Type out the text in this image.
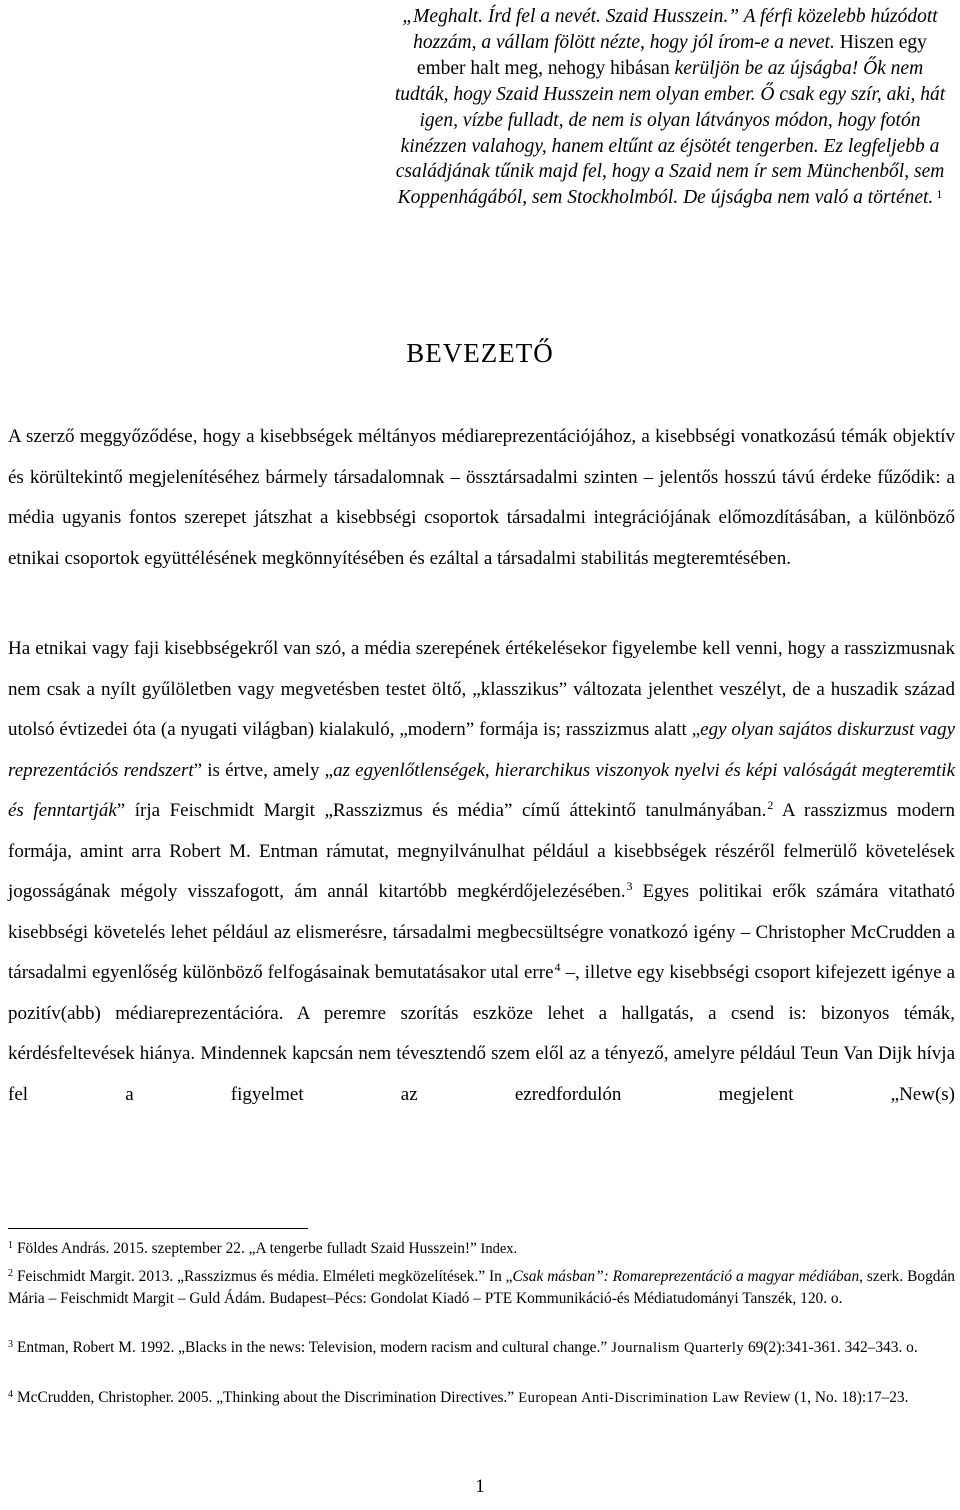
„Meghalt. Írd fel a nevét. Szaid Husszein.” A férfi közelebb húzódott hozzám, a vállam fölött nézte, hogy jól írom-e a nevet. Hiszen egy ember halt meg, nehogy hibásan kerüljön be az újságba! Ők nem tudták, hogy Szaid Husszein nem olyan ember. Ő csak egy szír, aki, hát igen, vízbe fulladt, de nem is olyan látványos módon, hogy fotón kinézzen valahogy, hanem eltűnt az éjsötét tengerben. Ez legfeljebb a családjának tűnik majd fel, hogy a Szaid nem ír sem Münchenből, sem Koppenhágából, sem Stockholmból. De újságba nem való a történet. $^1$

BEVEZETŐ

A szerző meggyőződése, hogy a kisebbségek méltányos médiareprezentációjához, a kisebbségi vonatkozású témák objektív és körültekintő megjelenítéséhez bármely társadalomnak – össztársadalmi szinten – jelentős hosszú távú érdeke fűződik: a média ugyanis fontos szerepet játszhat a kisebbségi csoportok társadalmi integrációjának előmozdításában, a különböző etnikai csoportok együttélésének megkönnyítésében és ezáltal a társadalmi stabilitás megteremtésében.

Ha etnikai vagy faji kisebbségekről van szó, a média szerepének értékelésekor figyelembe kell venni, hogy a rasszizmusnak nem csak a nyílt gyűlöletben vagy megvetésben testet öltő, „klasszikus” változata jelenthet veszélyt, de a huszadik század utolsó évtizedei óta (a nyugati világban) kialakuló, „modern” formája is; rasszizmus alatt „egy olyan sajátos diskurzust vagy reprezentációs rendszert” is értve, amely „az egyenlőtlenségek, hierarchikus viszonyok nyelvi és képi valóságát megteremtik és fenntartják” írja Feischmidt Margit „Rasszizmus és média” című áttekintő tanulmányában.$^2$ A rasszizmus modern formája, amint arra Robert M. Entman rámutat, megnyilvánulhat például a kisebbségek részéről felmerülő követelések jogosságának mégoly visszafogott, ám annál kitartóbb megkérdőjelezésében.$^3$ Egyes politikai erők számára vitatható kisebbségi követelés lehet például az elismerésre, társadalmi megbecsültségre vonatkozó igény – Christopher McCrudden a társadalmi egyenlőség különböző felfogásainak bemutatásakor utal erre$^4$ –, illetve egy kisebbségi csoport kifejezett igénye a pozitív(abb) médiareprezentációra. A peremre szorítás eszköze lehet a hallgatás, a csend is: bizonyos témák, kérdésfeltevések hiánya. Mindennek kapcsán nem tévesztendő szem elől az a tényező, amelyre például Teun Van Dijk hívja fel a figyelmet az ezredfordulón megjelent „New(s)

$^1$ Földes András. 2015. szeptember 22. „A tengerbe fulladt Szaid Husszein!” Index.

$^2$ Feischmidt Margit. 2013. „Rasszizmus és média. Elméleti megközelítések.” In „Csak másban”: Romareprezentáció a magyar médiában, szerk. Bogdán Mária – Feischmidt Margit – Guld Ádám. Budapest–Pécs: Gondolat Kiadó – PTE Kommunikáció-és Médiatudományi Tanszék, 120. o.

$^3$ Entman, Robert M. 1992. „Blacks in the news: Television, modern racism and cultural change.” Journalism Quarterly 69(2):341-361. 342–343. o.

$^4$ McCrudden, Christopher. 2005. „Thinking about the Discrimination Directives.” European Anti-Discrimination Law Review (1, No. 18):17–23.

1
